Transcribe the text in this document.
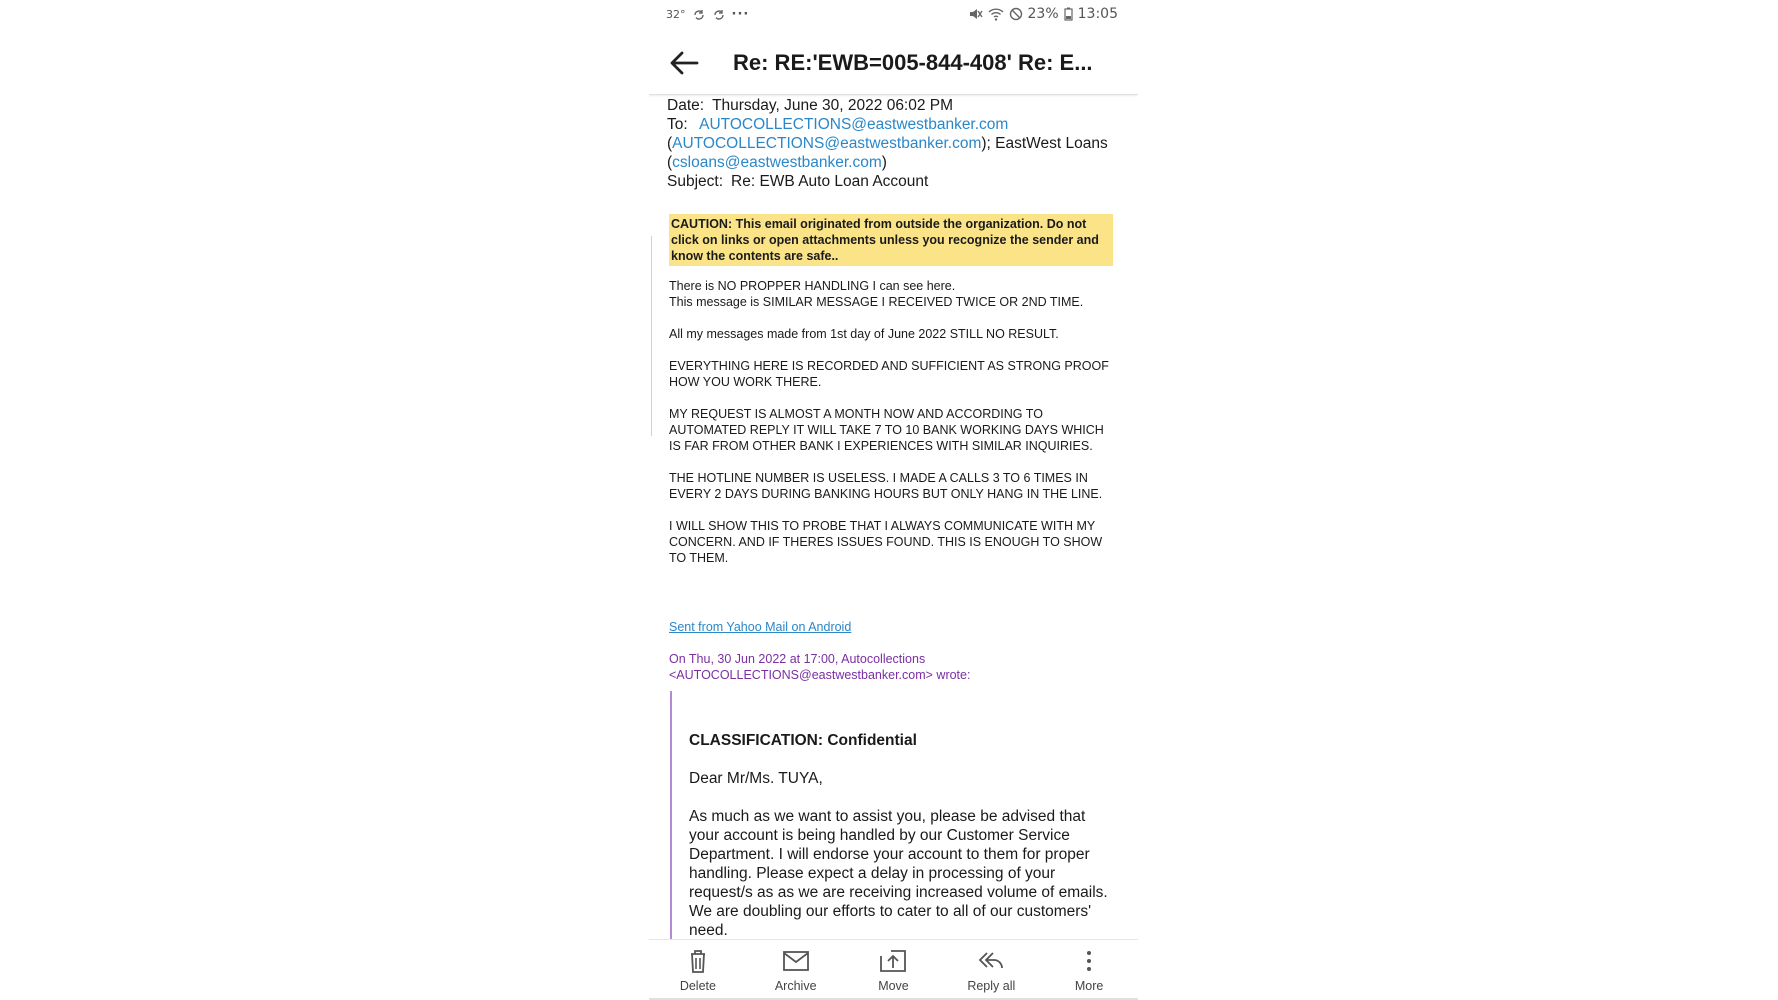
32°	···	23% 13:05
Re: RE:'EWB=005-844-408' Re: E...
Date: Thursday, June 30, 2022 06:02 PM
To: AUTOCOLLECTIONS@eastwestbanker.com
(AUTOCOLLECTIONS@eastwestbanker.com); EastWest Loans (csloans@eastwestbanker.com)
Subject: Re: EWB Auto Loan Account
CAUTION: This email originated from outside the organization. Do not click on links or open attachments unless you recognize the sender and know the contents are safe..

There is NO PROPPER HANDLING I can see here.
This message is SIMILAR MESSAGE I RECEIVED TWICE OR 2ND TIME.

All my messages made from 1st day of June 2022 STILL NO RESULT.

EVERYTHING HERE IS RECORDED AND SUFFICIENT AS STRONG PROOF HOW YOU WORK THERE.

MY REQUEST IS ALMOST A MONTH NOW AND ACCORDING TO AUTOMATED REPLY IT WILL TAKE 7 TO 10 BANK WORKING DAYS WHICH IS FAR FROM OTHER BANK I EXPERIENCES WITH SIMILAR INQUIRIES.

THE HOTLINE NUMBER IS USELESS. I MADE A CALLS 3 TO 6 TIMES IN EVERY 2 DAYS DURING BANKING HOURS BUT ONLY HANG IN THE LINE.

I WILL SHOW THIS TO PROBE THAT I ALWAYS COMMUNICATE WITH MY CONCERN. AND IF THERES ISSUES FOUND. THIS IS ENOUGH TO SHOW TO THEM.

Sent from Yahoo Mail on Android
On Thu, 30 Jun 2022 at 17:00, Autocollections <AUTOCOLLECTIONS@eastwestbanker.com> wrote:
CLASSIFICATION: Confidential

Dear Mr/Ms. TUYA,

As much as we want to assist you, please be advised that your account is being handled by our Customer Service Department. I will endorse your account to them for proper handling. Please expect a delay in processing of your request/s as as we are receiving increased volume of emails. We are doubling our efforts to cater to all of our customers' need.

Delete	Archive	Move	Reply all	More
